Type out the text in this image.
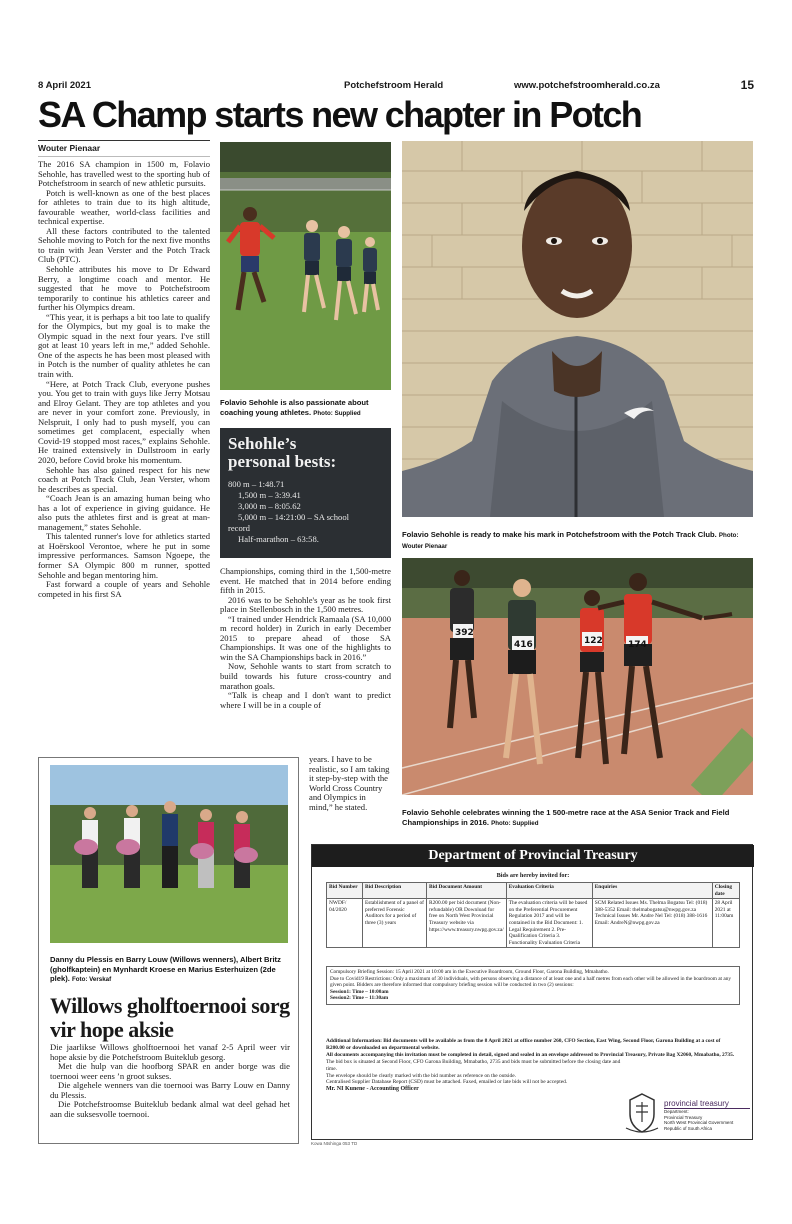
8 April 2021	Potchefstroom Herald	www.potchefstroomherald.co.za	15
SA Champ starts new chapter in Potch
Wouter Pienaar

The 2016 SA champion in 1500 m, Folavio Sehohle, has travelled west to the sporting hub of Potchefstroom in search of new athletic pursuits.

Potch is well-known as one of the best places for athletes to train due to its high altitude, favourable weather, world-class facilities and technical expertise.

All these factors contributed to the talented Sehohle moving to Potch for the next five months to train with Jean Verster and the Potch Track Club (PTC).

Sehohle attributes his move to Dr Edward Berry, a longtime coach and mentor. He suggested that he move to Potchefstroom temporarily to continue his athletics career and further his Olympics dream.

“This year, it is perhaps a bit too late to qualify for the Olympics, but my goal is to make the Olympic squad in the next four years. I've still got at least 10 years left in me,” added Sehohle. One of the aspects he has been most pleased with in Potch is the number of quality athletes he can train with.

“Here, at Potch Track Club, everyone pushes you. You get to train with guys like Jerry Motsau and Elroy Gelant. They are top athletes and you are never in your comfort zone. Previously, in Nelspruit, I only had to push myself, you can sometimes get complacent, especially when Covid-19 stopped most races,” explains Sehohle. He trained extensively in Dullstroom in early 2020, before Covid broke his momentum.

Sehohle has also gained respect for his new coach at Potch Track Club, Jean Verster, whom he describes as special.

“Coach Jean is an amazing human being who has a lot of experience in giving guidance. He also puts the athletes first and is great at man-management,” states Sehohle.

This talented runner's love for athletics started at Hoërskool Verontoe, where he put in some impressive performances. Samson Ngoepe, the former SA Olympic 800 m runner, spotted Sehohle and began mentoring him.

Fast forward a couple of years and Sehohle competed in his first SA

Folavio Sehohle is also passionate about coaching young athletes. Photo: Supplied
Sehohle’s
personal bests:
800 m – 1:48.71
1,500 m – 3:39.41
3,000 m – 8:05.62
5,000 m – 14:21:00 – SA school
record
Half-marathon – 63:58.

Championships, coming third in the 1,500-metre event. He matched that in 2014 before ending fifth in 2015.

2016 was to be Sehohle's year as he took first place in Stellenbosch in the 1,500 metres.

“I trained under Hendrick Ramaala (SA 10,000 m record holder) in Zurich in early December 2015 to prepare ahead of those SA Championships. It was one of the highlights to win the SA Championships back in 2016.”

Now, Sehohle wants to start from scratch to build towards his future cross-country and marathon goals.

“Talk is cheap and I don't want to predict where I will be in a couple of

years. I have to be realistic, so I am taking it step-by-step with the World Cross Country and Olympics in mind,” he stated.

Folavio Sehohle is ready to make his mark in Potchefstroom with the Potch Track Club. Photo: Wouter Pienaar
392
416	122	174
Folavio Sehohle celebrates winning the 1 500-metre race at the ASA Senior Track and Field Championships in 2016. Photo: Supplied
Danny du Plessis en Barry Louw (Willows wenners), Albert Britz (gholfkaptein) en Mynhardt Kroese en Marius Esterhuizen (2de plek). Foto: Verskaf
Willows gholftoernooi sorg vir hope aksie

Die jaarlikse Willows gholftoernooi het vanaf 2-5 April weer vir hope aksie by die Potchefstroom Buiteklub gesorg.

Met die hulp van die hoofborg SPAR en ander borge was die toernooi weer eens ’n groot sukses.

Die algehele wenners van die toernooi was Barry Louw en Danny du Plessis.

Die Potchefstroomse Buiteklub bedank almal wat deel gehad het aan die suksesvolle toernooi.

Department of Provincial Treasury
Bids are hereby invited for:
Bid Number	Bid Description	Bid Document Amount	Evaluation Criteria	Enquiries	Closing date
NWDF/ 04/2020	Establishment of a panel of preferred Forensic Auditors for a period of three (3) years	R200.00 per bid document (Non-refundable) OR Download for free on North West Provincial Treasury website via https://www.treasury.nwpg.gov.za/	The evaluation criteria will be based on the Preferential Procurement Regulation 2017 and will be contained in the Bid Document: 1. Legal Requirement 2. Pre-Qualification Criteria 3. Functionality Evaluation Criteria	SCM Related Issues Ms. Thelma Bogatsu Tel: (018) 388-5352 Email: thelmabogatsu@nwpg.gov.za Technical Issues Mr. Andre Nel Tel: (018) 388-1616 Email: AndreN@nwpg.gov.za	28 April 2021 at 11:00am
Compulsory Briefing Session: 15 April 2021 at 10:00 am in the Executive Boardroom, Ground Floor, Garona Building, Mmabatho.
Due to Covid19 Restrictions: Only a maximum of 30 individuals, with persons observing a distance of at least one and a half metres from each other will be allowed in the boardroom at any given point. Bidders are therefore informed that compulsory briefing session will be conducted in two (2) sessions:
Session1: Time – 10:00am
Session2: Time – 11:30am
Additional Information: Bid documents will be available as from the 8 April 2021 at office number 260, CFO Section, East Wing, Second Floor, Garona Building at a cost of R200.00 or downloaded on departmental website.
All documents accompanying this invitation must be completed in detail, signed and sealed in an envelope addressed to Provincial Treasury, Private Bag X2060, Mmabatho, 2735.
The bid box is situated at Second Floor, CFO Garona Building, Mmabatho, 2735 and bids must be submitted before the closing date and time.
The envelope should be clearly marked with the bid number as reference on the outside.
Centralised Supplier Database Report (CSD) must be attached. Faxed, emailed or late bids will not be accepted.
Mr. NI Kunene - Accounting Officer
provincial treasury
Department:
Provincial Treasury
North West Provincial Government
Republic of South Africa
Kowa Ntshinga 053 TD
